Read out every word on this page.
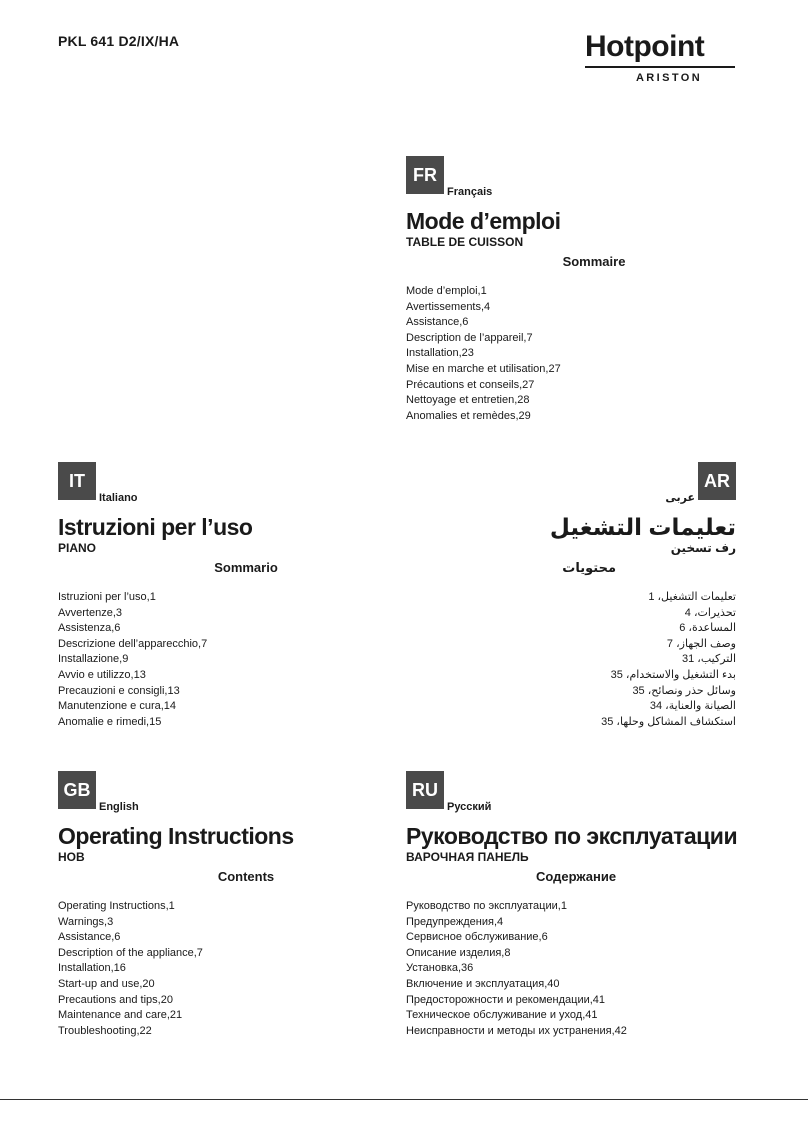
PKL 641 D2/IX/HA	Hotpoint
ARISTON
FR
Français
Mode d’emploi
TABLE DE CUISSON
Sommaire
Mode d’emploi,1
Avertissements,4
Assistance,6
Description de l’appareil,7
Installation,23
Mise en marche et utilisation,27
Précautions et conseils,27
Nettoyage et entretien,28
Anomalies et remèdes,29
IT
Italiano
Istruzioni per l’uso
PIANO
Sommario
Istruzioni per l’uso,1
Avvertenze,3
Assistenza,6
Descrizione dell’apparecchio,7
Installazione,9
Avvio e utilizzo,13
Precauzioni e consigli,13
Manutenzione e cura,14
Anomalie e rimedi,15
AR
عربى
تعليمات التشغيل
رف تسخين
محتويات
تعليمات التشغيل، 1
تحذيرات، 4
المساعدة، 6
وصف الجهاز، 7
التركيب، 31
بدء التشغيل والاستخدام، 35
وسائل حذر ونصائح، 35
الصيانة والعناية، 34
استكشاف المشاكل وحلها، 35
GB
English
Operating Instructions
HOB
Contents
Operating Instructions,1
Warnings,3
Assistance,6
Description of the appliance,7
Installation,16
Start-up and use,20
Precautions and tips,20
Maintenance and care,21
Troubleshooting,22
RU
Русский
Руководство по эксплуатации
ВАРОЧНАЯ ПАНЕЛЬ
Содержание
Руководство по эксплуатации,1
Предупреждения,4
Сервисное обслуживание,6
Описание изделия,8
Установка,36
Включение и эксплуатация,40
Предосторожности и рекомендации,41
Техническое обслуживание и уход,41
Неисправности и методы их устранения,42
